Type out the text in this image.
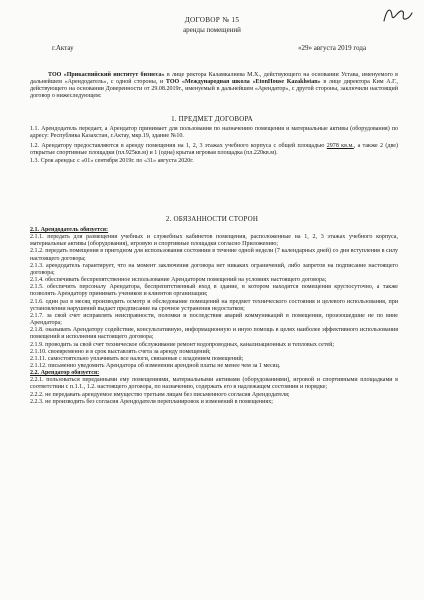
ДОГОВОР № 15
аренды помещений
г.Актау	«29» августа 2019 года

ТОО «Прикаспийский институт бизнеса» в лице ректора Каламкалиева М.Х., действующего на основании Устава, именуемого в дальнейшем «Арендодатель», с одной стороны, и ТОО «Международная школа «EtonHouse Kazakhstan» в лице директора Ким А.Г., действующего на основании Доверенности от 29.08.2019г., именуемый в дальнейшем «Арендатор», с другой стороны, заключили настоящий договор о нижеследующем:

1. ПРЕДМЕТ ДОГОВОРА

1.1. Арендодатель передает, а Арендатор принимает для пользования по назначению помещения и материальные активы (оборудования) по адресу: Республика Казахстан, г.Актау, мкр.19, здание №10.

1.2. Арендатору предоставляются в аренду помещения на 1, 2, 3 этажах учебного корпуса с общей площадью 2978 кв.м., а также 2 (две) открытые спортивные площадки (пл.925кв.м) и 1 (одна) крытая игровая площадка (пл.220кв.м).

1.3. Срок аренды: с «01» сентября 2019г. по «31» августа 2020г.

2. ОБЯЗАННОСТИ СТОРОН

2.1. Арендодатель обязуется:

2.1.1. передать для размещения учебных и служебных кабинетов помещения, расположенные на 1, 2, 3 этажах учебного корпуса, материальные активы (оборудования), игровую и спортивные площадки согласно Приложению;

2.1.2. передать помещения в пригодном для использования состоянии в течение одной недели (7 календарных дней) со дня вступления в силу настоящего договора;

2.1.3. арендодатель гарантирует, что на момент заключения договора нет никаких ограничений, либо запретов на подписание настоящего договора;

2.1.4. обеспечивать беспрепятственное использование Арендатором помещений на условиях настоящего договора;

2.1.5. обеспечить персоналу Арендатора, беспрепятственный вход в здание, в котором находятся помещения круглосуточно, а также позволять Арендатору принимать учеников и клиентов организации;

2.1.6. один раз в месяц производить осмотр и обследование помещений на предмет технического состояния и целевого использования, при установлении нарушений выдает предписание на срочное устранения недостатков;

2.1.7. за свой счет исправлять неисправности, поломки и последствия аварий коммуникаций в помещении, произошедшие не по вине Арендатора;

2.1.8. оказывать Арендатору содействие, консультативную, информационную и иную помощь в целях наиболее эффективного использования помещений и исполнения настоящего договора;

2.1.9. проводить за свой счет техническое обслуживание ремонт водопроводных, канализационных и тепловых сетей;

2.1.10. своевременно и в срок выставлять счета за аренду помещений;

2.1.11. самостоятельно уплачивать все налоги, связанные с владением помещений;

2.1.12. письменно уведомить Арендатора об изменении арендной платы не менее чем за 1 месяц.

2.2. Арендатор обязуется:

2.2.1. пользоваться переданными ему помещениями, материальными активами (оборудованиями), игровой и спортивными площадками в соответствии с п.1.1., 1.2. настоящего договора, по назначению, содержать его в надлежащем состоянии и порядке;

2.2.2. не передавать арендуемое имущество третьим лицам без письменного согласия Арендодателя;

2.2.3. не производить без согласия Арендодателя перепланировок и изменений в помещениях;
